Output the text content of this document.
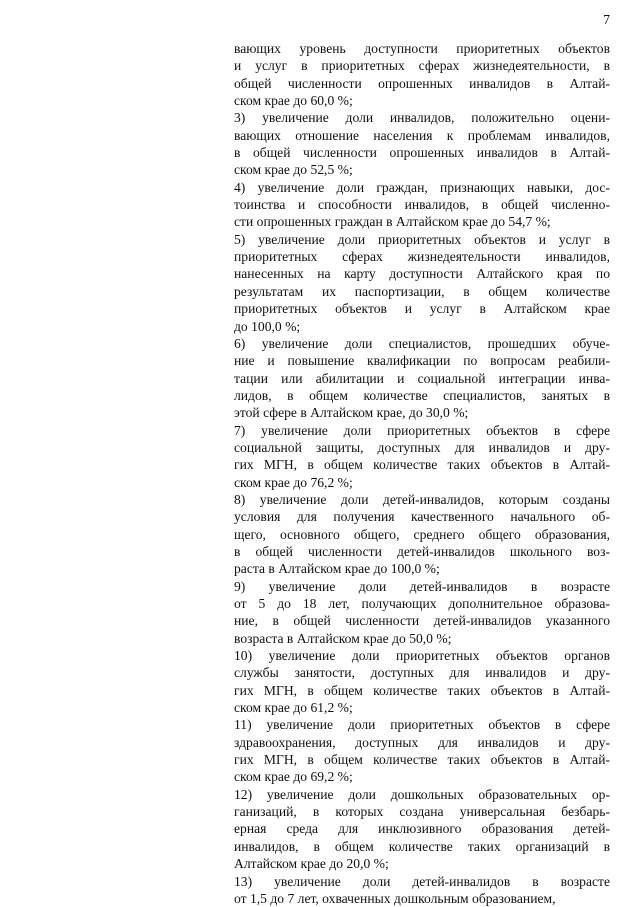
7

вающих уровень доступности приоритетных объектов
и услуг в приоритетных сферах жизнедеятельности, в
общей численности опрошенных инвалидов в Алтай-
ском крае до 60,0 %;

3) увеличение доли инвалидов, положительно оцени-
вающих отношение населения к проблемам инвалидов,
в общей численности опрошенных инвалидов в Алтай-
ском крае до 52,5 %;

4) увеличение доли граждан, признающих навыки, дос-
тоинства и способности инвалидов, в общей численно-
сти опрошенных граждан в Алтайском крае до 54,7 %;

5) увеличение доли приоритетных объектов и услуг в
приоритетных сферах жизнедеятельности инвалидов,
нанесенных на карту доступности Алтайского края по
результатам их паспортизации, в общем количестве
приоритетных объектов и услуг в Алтайском крае
до 100,0 %;

6) увеличение доли специалистов, прошедших обуче-
ние и повышение квалификации по вопросам реабили-
тации или абилитации и социальной интеграции инва-
лидов, в общем количестве специалистов, занятых в
этой сфере в Алтайском крае, до 30,0 %;

7) увеличение доли приоритетных объектов в сфере
социальной защиты, доступных для инвалидов и дру-
гих МГН, в общем количестве таких объектов в Алтай-
ском крае до 76,2 %;

8) увеличение доли детей-инвалидов, которым созданы
условия для получения качественного начального об-
щего, основного общего, среднего общего образования,
в общей численности детей-инвалидов школьного воз-
раста в Алтайском крае до 100,0 %;

9) увеличение доли детей-инвалидов в возрасте
от 5 до 18 лет, получающих дополнительное образова-
ние, в общей численности детей-инвалидов указанного
возраста в Алтайском крае до 50,0 %;

10) увеличение доли приоритетных объектов органов
службы занятости, доступных для инвалидов и дру-
гих МГН, в общем количестве таких объектов в Алтай-
ском крае до 61,2 %;

11) увеличение доли приоритетных объектов в сфере
здравоохранения, доступных для инвалидов и дру-
гих МГН, в общем количестве таких объектов в Алтай-
ском крае до 69,2 %;

12) увеличение доли дошкольных образовательных ор-
ганизаций, в которых создана универсальная безбарь-
ерная среда для инклюзивного образования детей-
инвалидов, в общем количестве таких организаций в
Алтайском крае до 20,0 %;

13) увеличение доли детей-инвалидов в возрасте
от 1,5 до 7 лет, охваченных дошкольным образованием,
